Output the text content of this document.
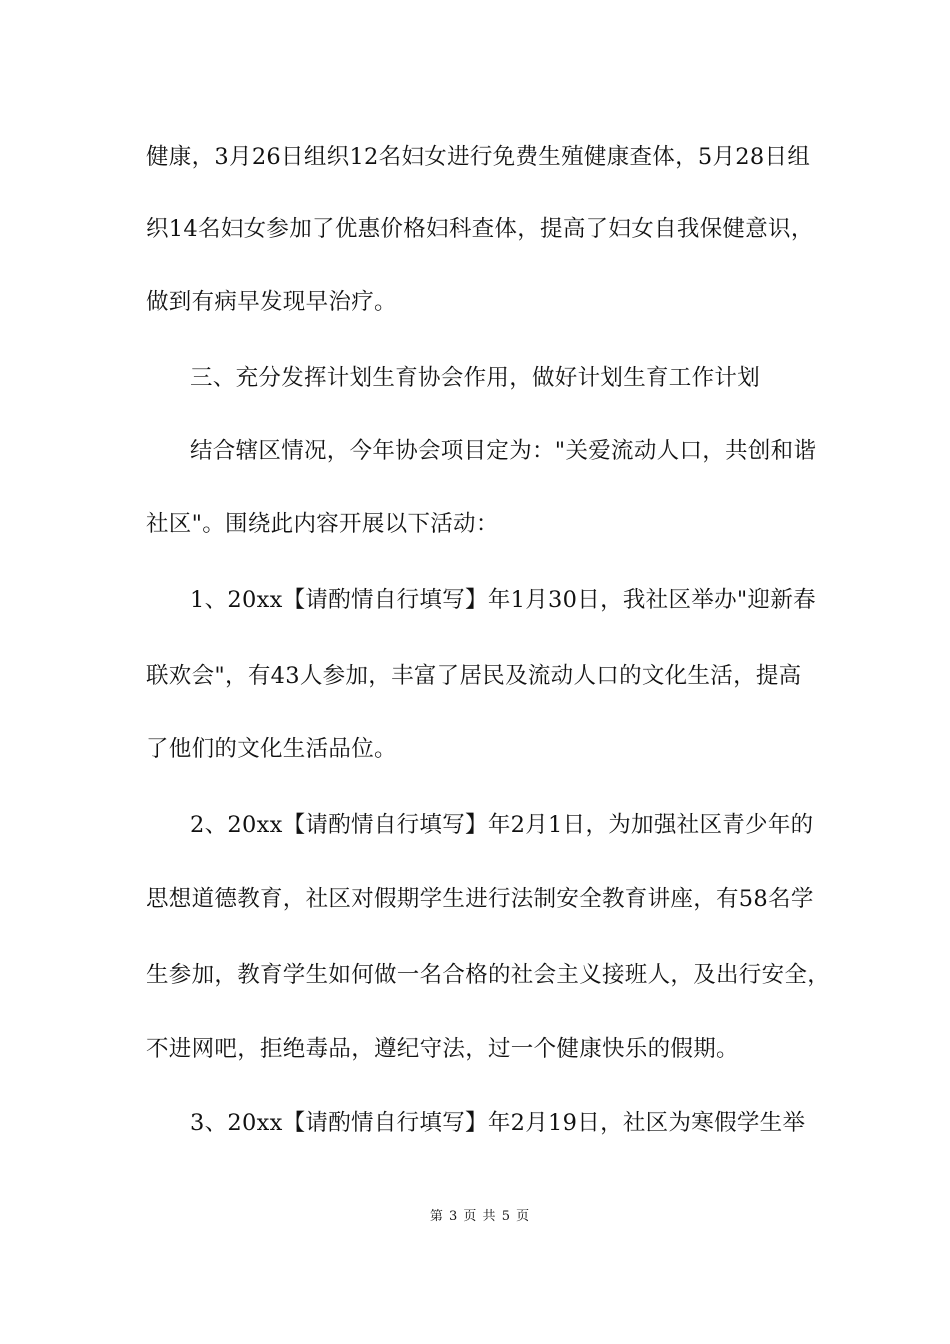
健康，3月26日组织12名妇女进行免费生殖健康查体，5月28日组
织14名妇女参加了优惠价格妇科查体，提高了妇女自我保健意识，
做到有病早发现早治疗。
三、充分发挥计划生育协会作用，做好计划生育工作计划
结合辖区情况，今年协会项目定为："关爱流动人口，共创和谐
社区"。围绕此内容开展以下活动：
1、20xx【请酌情自行填写】年1月30日，我社区举办"迎新春
联欢会"，有43人参加，丰富了居民及流动人口的文化生活，提高
了他们的文化生活品位。
2、20xx【请酌情自行填写】年2月1日，为加强社区青少年的
思想道德教育，社区对假期学生进行法制安全教育讲座，有58名学
生参加，教育学生如何做一名合格的社会主义接班人，及出行安全，
不进网吧，拒绝毒品，遵纪守法，过一个健康快乐的假期。
3、20xx【请酌情自行填写】年2月19日，社区为寒假学生举
第 3 页 共 5 页
